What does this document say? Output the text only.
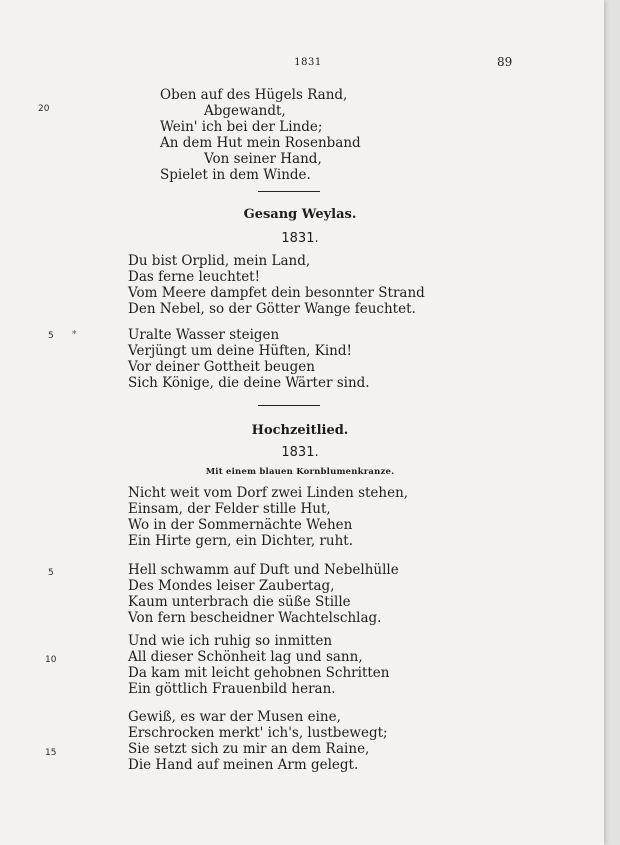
1831	89
20
Oben auf des Hügels Rand,
Abgewandt,
Wein' ich bei der Linde;
An dem Hut mein Rosenband
Von seiner Hand,
Spielet in dem Winde.
Gesang Weylas.
1831.
Du bist Orplid, mein Land,
Das ferne leuchtet!
Vom Meere dampfet dein besonnter Strand
Den Nebel, so der Götter Wange feuchtet.
5 *	Uralte Wasser steigen
Verjüngt um deine Hüften, Kind!
Vor deiner Gottheit beugen
Sich Könige, die deine Wärter sind.
Hochzeitlied.
1831.
Mit einem blauen Kornblumenkranze.
Nicht weit vom Dorf zwei Linden stehen,
Einsam, der Felder stille Hut,
Wo in der Sommernächte Wehen
Ein Hirte gern, ein Dichter, ruht.
5	Hell schwamm auf Duft und Nebelhülle
Des Mondes leiser Zaubertag,
Kaum unterbrach die süße Stille
Von fern bescheidner Wachtelschlag.
10
Und wie ich ruhig so inmitten
All dieser Schönheit lag und sann,
Da kam mit leicht gehobnen Schritten
Ein göttlich Frauenbild heran.
15
Gewiß, es war der Musen eine,
Erschrocken merkt' ich's, lustbewegt;
Sie setzt sich zu mir an dem Raine,
Die Hand auf meinen Arm gelegt.
